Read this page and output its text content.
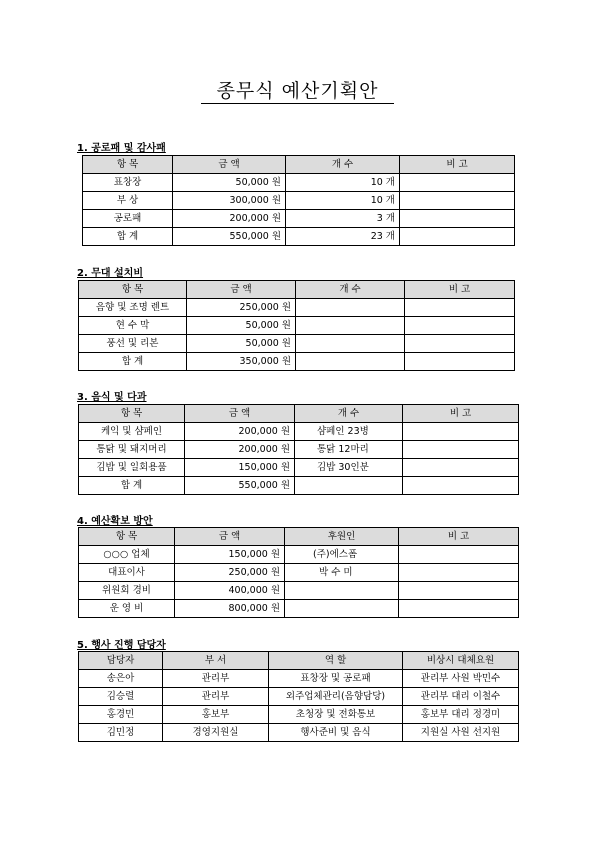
종무식 예산기획안
1. 공로패 및 감사패
항 목	금 액	개 수	비 고
표창장	50,000 원	10 개	
부 상	300,000 원	10 개	
공로패	200,000 원	3 개	
합 계	550,000 원	23 개	
2. 무대 설치비
항 목	금 액	개 수	비 고
음향 및 조명 렌트	250,000 원		
현 수 막	50,000 원		
풍선 및 리본	50,000 원		
합 계	350,000 원		
3. 음식 및 다과
항 목	금 액	개 수	비 고
케익 및 샴페인	200,000 원	샴페인 23병	
통닭 및 돼지머리	200,000 원	통닭 12마리	
김밥 및 일회용품	150,000 원	김밥 30인분	
합 계	550,000 원		
4. 예산확보 방안
항 목	금 액	후원인	비 고
○○○ 업체	150,000 원	(주)에스폼	
대표이사	250,000 원	박 수 미	
위원회 경비	400,000 원		
운 영 비	800,000 원		
5. 행사 진행 담당자
담당자	부 서	역 할	비상시 대체요원
송은아	관리부	표창장 및 공로패	관리부 사원 박민수
김승렬	관리부	외주업체관리(음향담당)	관리부 대리 이철수
홍경민	홍보부	초청장 및 전화통보	홍보부 대리 정경미
김민정	경영지원실	행사준비 및 음식	지원실 사원 선지원
